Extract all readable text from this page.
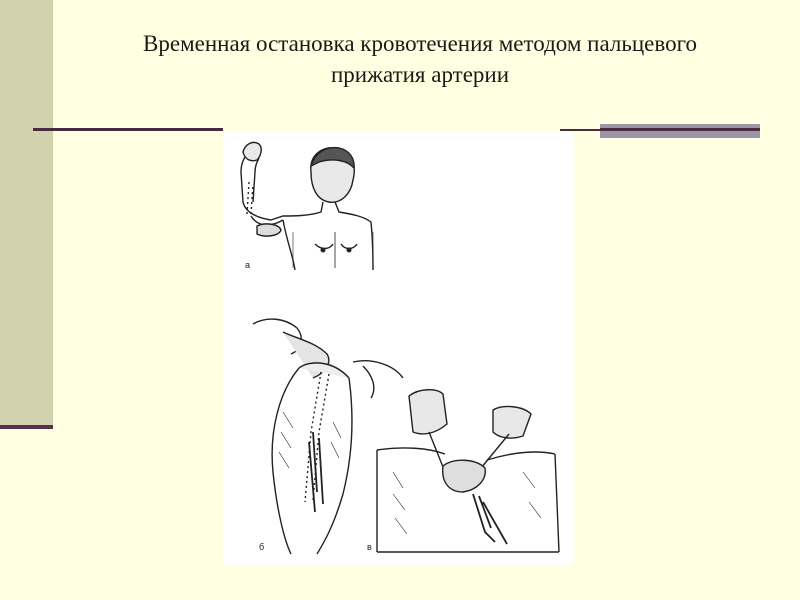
Временная остановка кровотечения методом пальцевого
прижатия артерии
а
б	в
